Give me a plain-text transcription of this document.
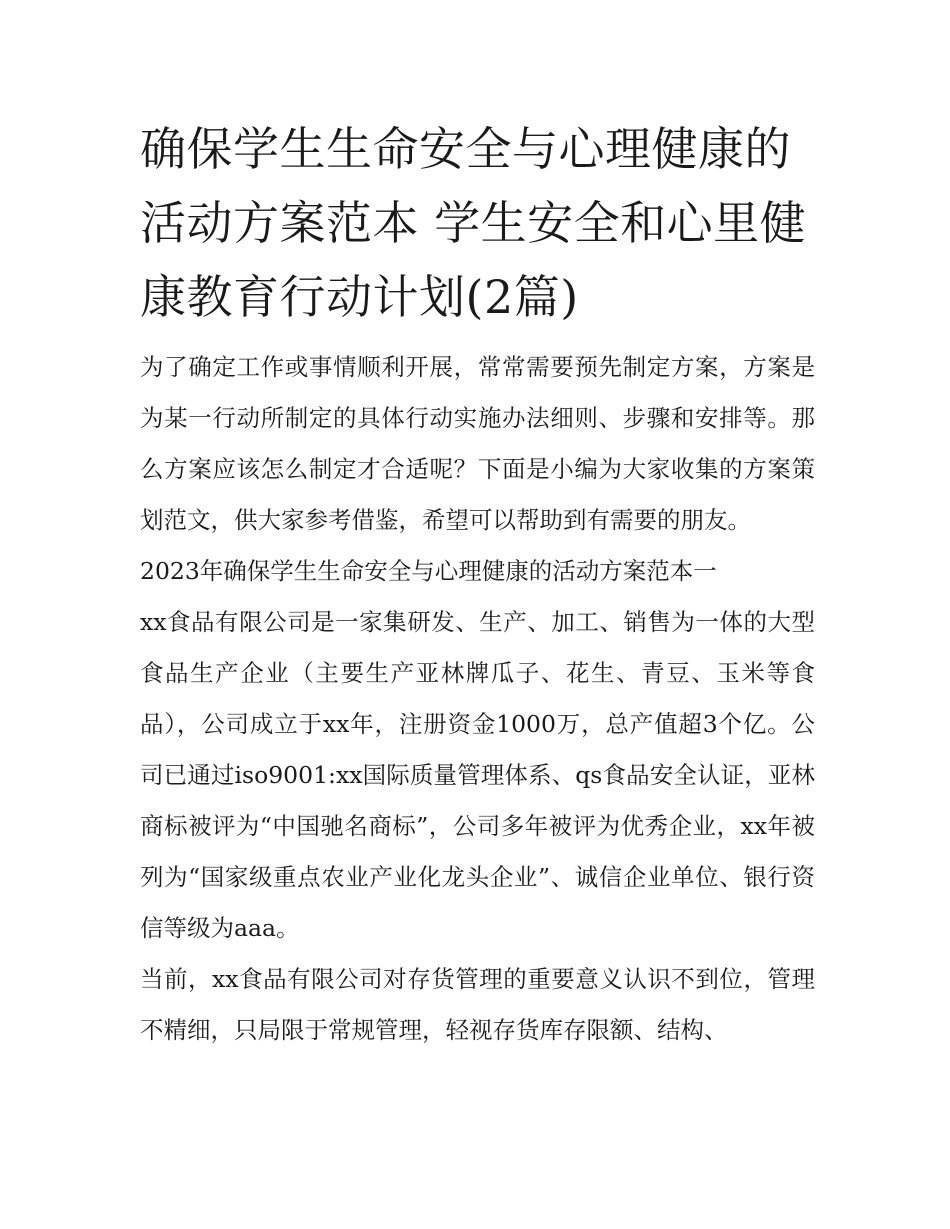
确保学生生命安全与心理健康的活动方案范本 学生安全和心里健康教育行动计划(2篇)

为了确定工作或事情顺利开展，常常需要预先制定方案，方案是为某一行动所制定的具体行动实施办法细则、步骤和安排等。那么方案应该怎么制定才合适呢？下面是小编为大家收集的方案策划范文，供大家参考借鉴，希望可以帮助到有需要的朋友。

2023年确保学生生命安全与心理健康的活动方案范本一

xx食品有限公司是一家集研发、生产、加工、销售为一体的大型食品生产企业（主要生产亚林牌瓜子、花生、青豆、玉米等食品），公司成立于xx年，注册资金1000万，总产值超3个亿。公司已通过iso9001:xx国际质量管理体系、qs食品安全认证，亚林商标被评为“中国驰名商标”，公司多年被评为优秀企业，xx年被列为“国家级重点农业产业化龙头企业”、诚信企业单位、银行资信等级为aaa。

当前，xx食品有限公司对存货管理的重要意义认识不到位，管理不精细，只局限于常规管理，轻视存货库存限额、结构、
